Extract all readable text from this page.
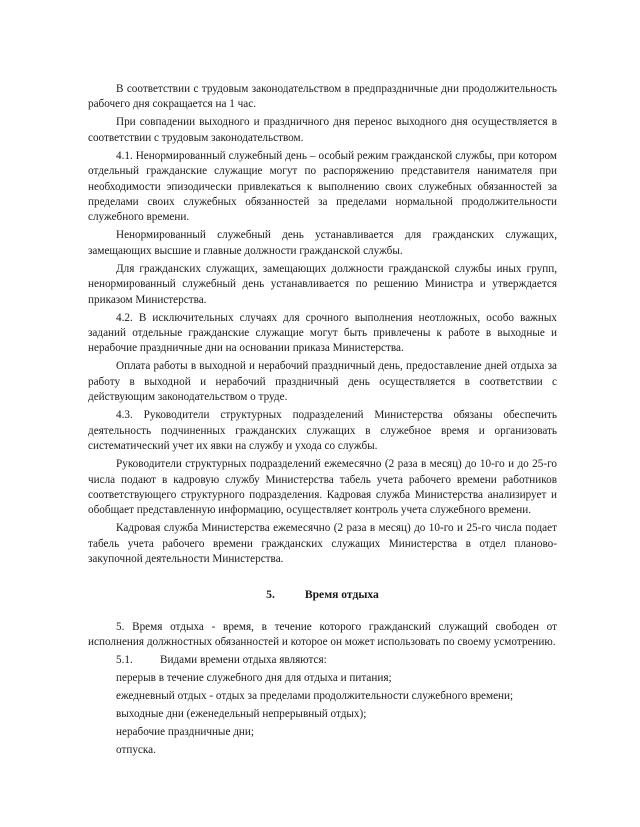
В соответствии с трудовым законодательством в предпраздничные дни продолжительность рабочего дня сокращается на 1 час.

При совпадении выходного и праздничного дня перенос выходного дня осуществляется в соответствии с трудовым законодательством.

4.1. Ненормированный служебный день – особый режим гражданской службы, при котором отдельный гражданские служащие могут по распоряжению представителя нанимателя при необходимости эпизодически привлекаться к выполнению своих служебных обязанностей за пределами своих служебных обязанностей за пределами нормальной продолжительности служебного времени.

Ненормированный служебный день устанавливается для гражданских служащих, замещающих высшие и главные должности гражданской службы.

Для гражданских служащих, замещающих должности гражданской службы иных групп, ненормированный служебный день устанавливается по решению Министра и утверждается приказом Министерства.

4.2. В исключительных случаях для срочного выполнения неотложных, особо важных заданий отдельные гражданские служащие могут быть привлечены к работе в выходные и нерабочие праздничные дни на основании приказа Министерства.

Оплата работы в выходной и нерабочий праздничный день, предоставление дней отдыха за работу в выходной и нерабочий праздничный день осуществляется в соответствии с действующим законодательством о труде.

4.3. Руководители структурных подразделений Министерства обязаны обеспечить деятельность подчиненных гражданских служащих в служебное время и организовать систематический учет их явки на службу и ухода со службы.

Руководители структурных подразделений ежемесячно (2 раза в месяц) до 10-го и до 25-го числа подают в кадровую службу Министерства табель учета рабочего времени работников соответствующего структурного подразделения. Кадровая служба Министерства анализирует и обобщает представленную информацию, осуществляет контроль учета служебного времени.

Кадровая служба Министерства ежемесячно (2 раза в месяц) до 10-го и 25-го числа подает табель учета рабочего времени гражданских служащих Министерства в отдел планово-закупочной деятельности Министерства.

5.	Время отдыха

5. Время отдыха - время, в течение которого гражданский служащий свободен от исполнения должностных обязанностей и которое он может использовать по своему усмотрению.

5.1. Видами времени отдыха являются:
перерыв в течение служебного дня для отдыха и питания;
ежедневный отдых - отдых за пределами продолжительности служебного времени;
выходные дни (еженедельный непрерывный отдых);
нерабочие праздничные дни;
отпуска.
